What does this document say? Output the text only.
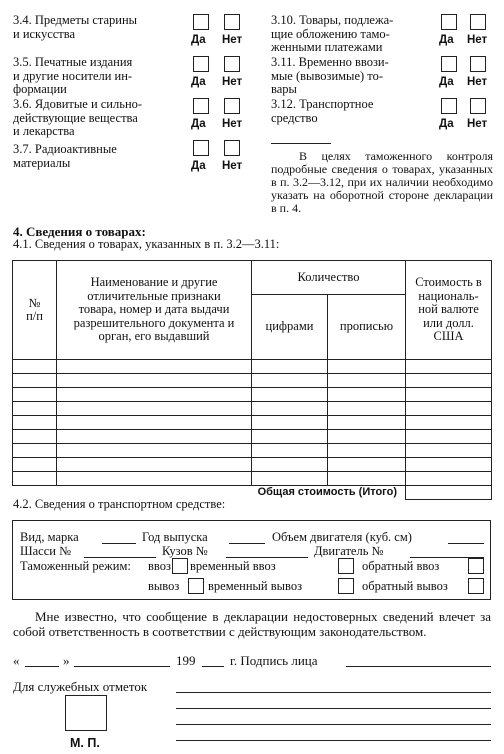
3.4. Предметы старины
и искусства	Да Нет
3.5. Печатные издания
и другие носители ин-
формации	Да Нет
3.6. Ядовитые и сильно-
действующие вещества
и лекарства	Да Нет
3.7. Радиоактивные
материалы	Да Нет
3.10. Товары, подлежа-
щие обложению тамо-
женными платежами	Да Нет
3.11. Временно ввози-
мые (вывозимые) то-
вары	Да Нет
3.12. Транспортное
средство	Да Нет
В целях таможенного контроля подробные сведения о товарах, указанных в п. 3.2—3.12, при их наличии необходимо указать на оборотной стороне декларации в п. 4.
4. Сведения о товарах:
4.1. Сведения о товарах, указанных в п. 3.2—3.11:
№
п/п	Наименование и другие отличительные признаки товара, номер и дата выдачи разрешительного документа и орган, его выдавший	Количество		Стоимость в националь-ной валюте или долл. США
		цифрами	прописью	

Общая стоимость (Итого)				
4.2. Сведения о транспортном средстве:
Вид, марка	Год выпуска	Объем двигателя (куб. см)
Шасси №	Кузов №	Двигатель №
Таможенный режим: ввоз временный ввоз	обратный ввоз
вывоз временный вывоз	обратный вывоз
Мне известно, что сообщение в декларации недостоверных сведений влечет за собой ответственность в соответствии с действующим законодательством.
«	»	199	г. Подпись лица
Для служебных отметок
М. П.
